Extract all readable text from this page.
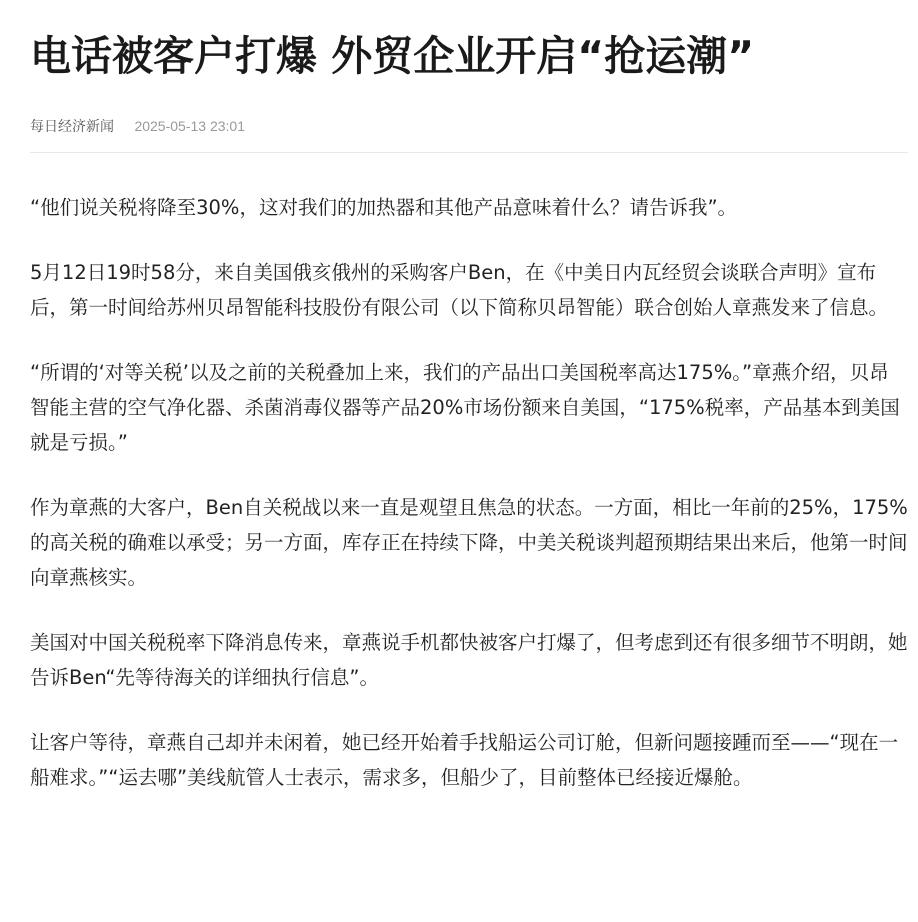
电话被客户打爆 外贸企业开启“抢运潮”
每日经济新闻 2025-05-13 23:01

“他们说关税将降至30%，这对我们的加热器和其他产品意味着什么？请告诉我”。

5月12日19时58分，来自美国俄亥俄州的采购客户Ben，在《中美日内瓦经贸会谈联合声明》宣布后，第一时间给苏州贝昂智能科技股份有限公司（以下简称贝昂智能）联合创始人章燕发来了信息。

“所谓的‘对等关税’以及之前的关税叠加上来，我们的产品出口美国税率高达175%。”章燕介绍，贝昂智能主营的空气净化器、杀菌消毒仪器等产品20%市场份额来自美国，“175%税率，产品基本到美国就是亏损。”

作为章燕的大客户，Ben自关税战以来一直是观望且焦急的状态。一方面，相比一年前的25%，175%的高关税的确难以承受；另一方面，库存正在持续下降，中美关税谈判超预期结果出来后，他第一时间向章燕核实。

美国对中国关税税率下降消息传来，章燕说手机都快被客户打爆了，但考虑到还有很多细节不明朗，她告诉Ben“先等待海关的详细执行信息”。

让客户等待，章燕自己却并未闲着，她已经开始着手找船运公司订舱，但新问题接踵而至——“现在一船难求。”“运去哪”美线航管人士表示，需求多，但船少了，目前整体已经接近爆舱。
